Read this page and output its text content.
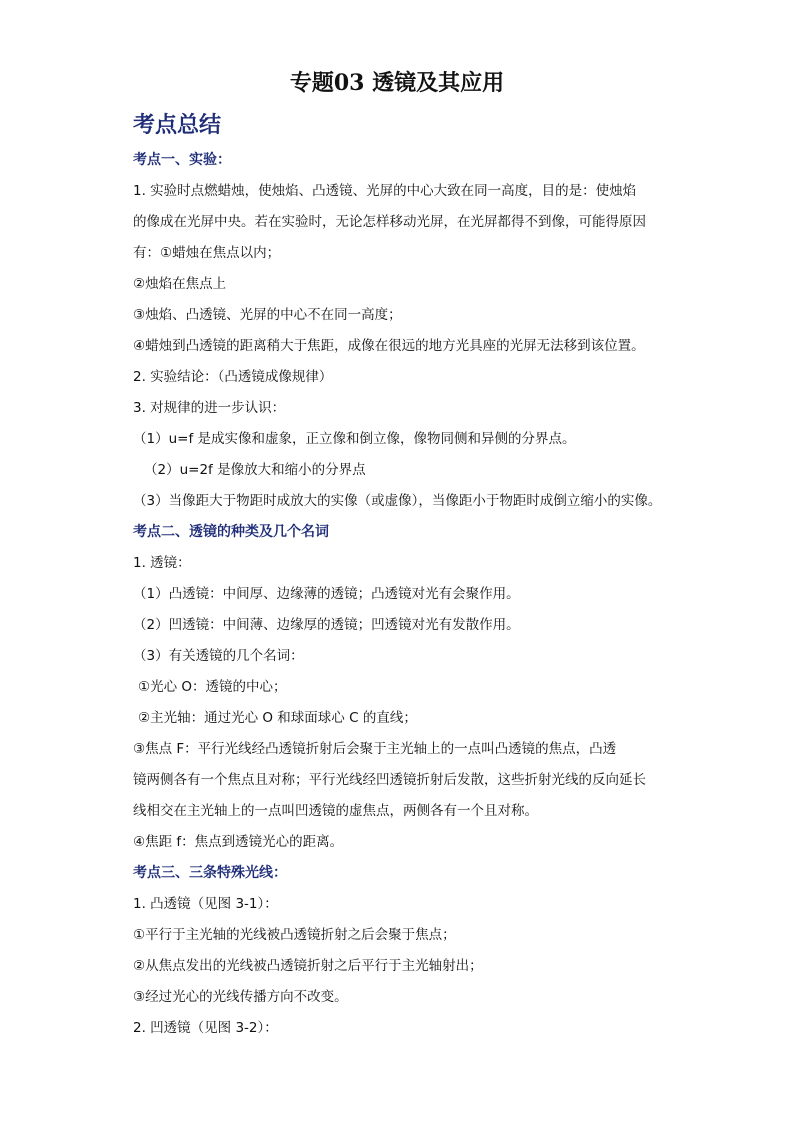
专题03 透镜及其应用
考点总结
考点一、实验：
1. 实验时点燃蜡烛，使烛焰、凸透镜、光屏的中心大致在同一高度，目的是：使烛焰
的像成在光屏中央。若在实验时，无论怎样移动光屏，在光屏都得不到像，可能得原因
有：①蜡烛在焦点以内；
②烛焰在焦点上
③烛焰、凸透镜、光屏的中心不在同一高度；
④蜡烛到凸透镜的距离稍大于焦距，成像在很远的地方光具座的光屏无法移到该位置。
2. 实验结论：（凸透镜成像规律）
3. 对规律的进一步认识：
（1）u=f 是成实像和虚象，正立像和倒立像，像物同侧和异侧的分界点。
（2）u=2f 是像放大和缩小的分界点
（3）当像距大于物距时成放大的实像（或虚像），当像距小于物距时成倒立缩小的实像。
考点二、透镜的种类及几个名词
1. 透镜：
（1）凸透镜：中间厚、边缘薄的透镜；凸透镜对光有会聚作用。
（2）凹透镜：中间薄、边缘厚的透镜；凹透镜对光有发散作用。
（3）有关透镜的几个名词：
①光心 O：透镜的中心；
②主光轴：通过光心 O 和球面球心 C 的直线；
③焦点 F：平行光线经凸透镜折射后会聚于主光轴上的一点叫凸透镜的焦点，凸透
镜两侧各有一个焦点且对称；平行光线经凹透镜折射后发散，这些折射光线的反向延长
线相交在主光轴上的一点叫凹透镜的虚焦点，两侧各有一个且对称。
④焦距 f：焦点到透镜光心的距离。
考点三、三条特殊光线：
1. 凸透镜（见图 3-1）：
①平行于主光轴的光线被凸透镜折射之后会聚于焦点；
②从焦点发出的光线被凸透镜折射之后平行于主光轴射出；
③经过光心的光线传播方向不改变。
2. 凹透镜（见图 3-2）：
